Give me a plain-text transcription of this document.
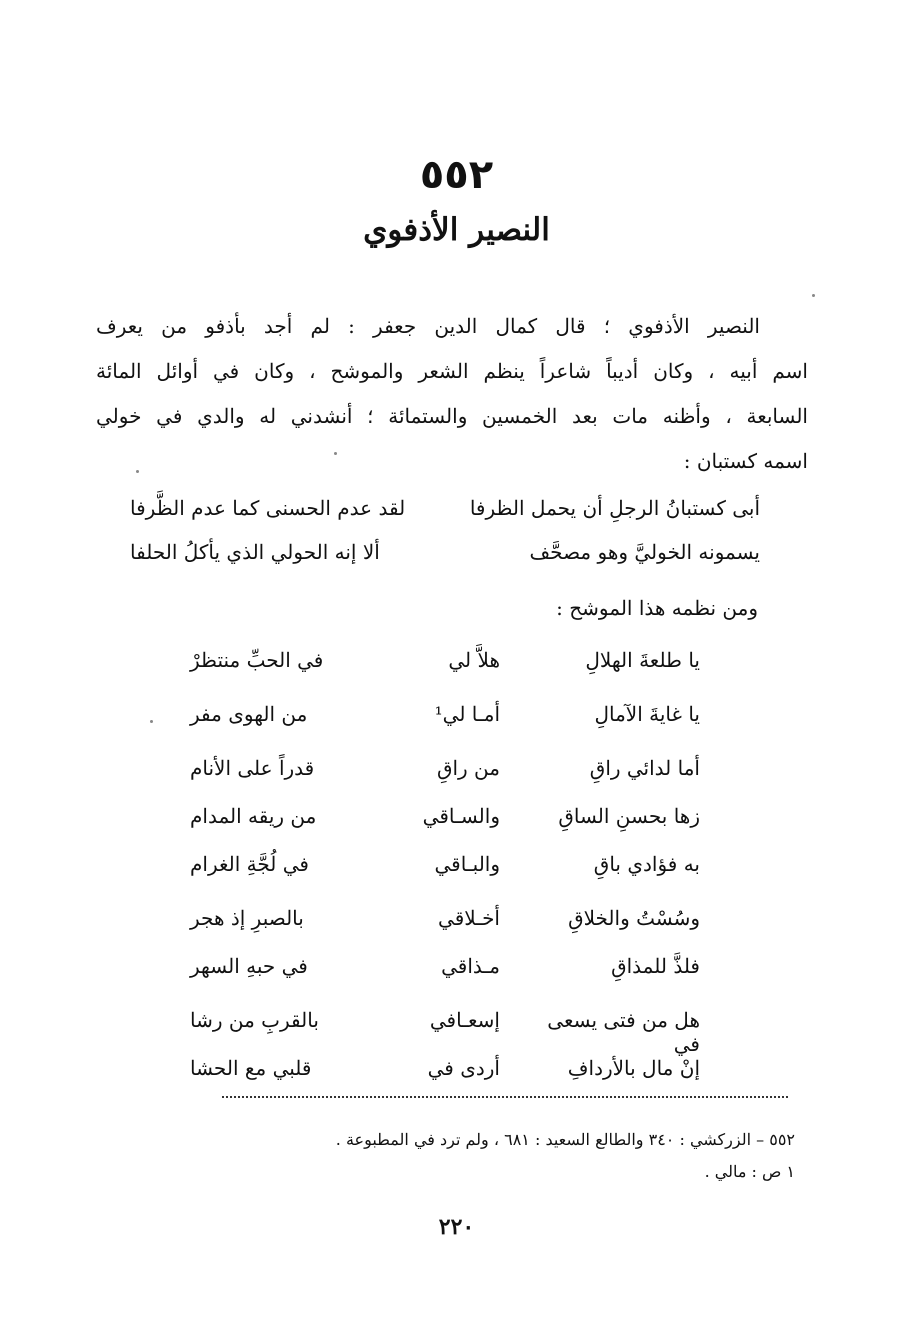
٥٥٢
النصير الأذفوي
النصير الأذفوي ؛ قال كمال الدين جعفر : لم أجد بأذفو من يعرف
اسم أبيه ، وكان أديباً شاعراً ينظم الشعر والموشح ، وكان في أوائل المائة
السابعة ، وأظنه مات بعد الخمسين والستمائة ؛ أنشدني له والدي في خولي
اسمه كستبان :
أبى كستبانُ الرجلِ أن يحمل الظرفا
لقد عدم الحسنى كما عدم الظَّرفا
يسمونه الخوليَّ وهو مصحَّف
ألا إنه الحولي الذي يأكلُ الحلفا
ومن نظمه هذا الموشح :
يا طلعةَ الهلالِ
هلاَّ لي
في الحبِّ منتظرْ
يا غايةَ الآمالِ
أمـا لي¹
من الهوى مفر
أما لدائي راقِ
من راقِ
قدراً على الأنام
زها بحسنِ الساقِ
والسـاقي
من ريقه المدام
به فؤادي باقِ
والبـاقي
في لُجَّةِ الغرام
وسُسْتُ والخلاقِ
أخـلاقي
بالصبرِ إذ هجر
فلذَّ للمذاقِ
مـذاقي
في حبهِ السهر
هل من فتى يسعى في
إسعـافي
بالقربِ من رشا
إنْ مال بالأردافِ
أردى في
قلبي مع الحشا
٥٥٢ – الزركشي : ٣٤٠ والطالع السعيد : ٦٨١ ، ولم ترد في المطبوعة .
١ ص : مالي .
٢٢٠
